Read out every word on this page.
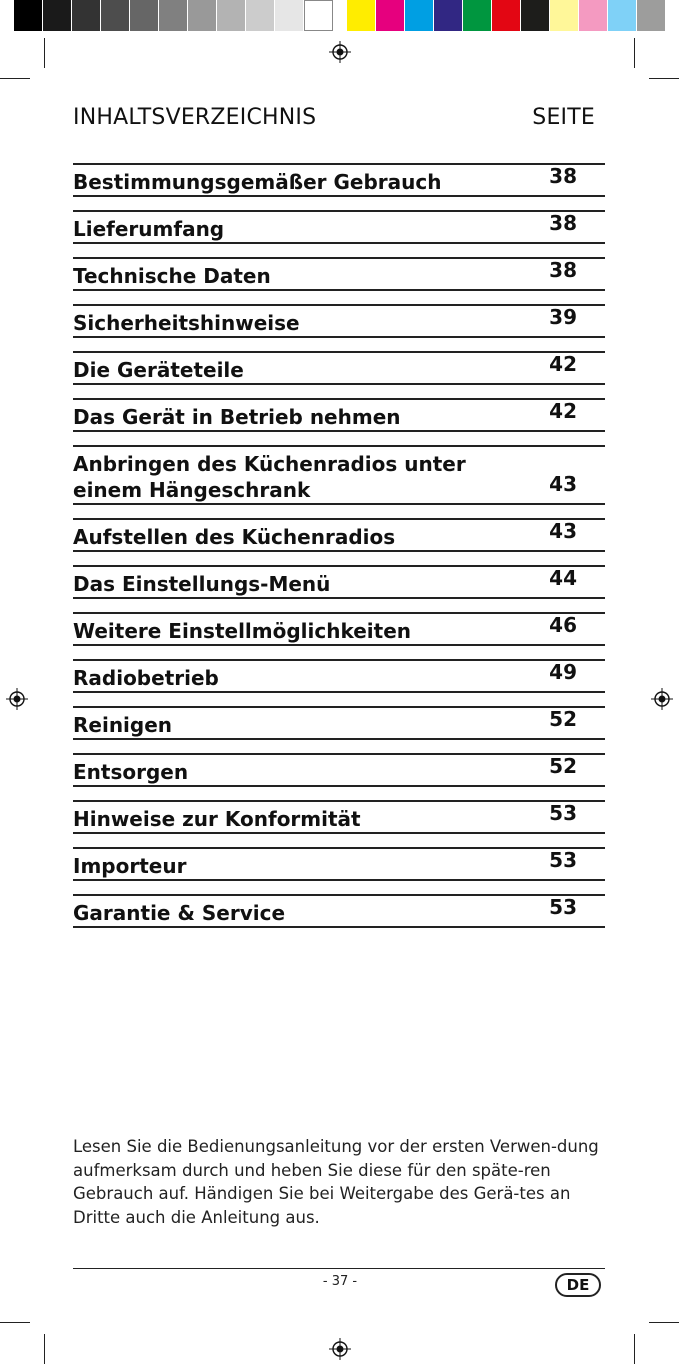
INHALTSVERZEICHNIS	SEITE
Bestimmungsgemäßer Gebrauch	38
Lieferumfang	38
Technische Daten	38
Sicherheitshinweise	39
Die Geräteteile	42
Das Gerät in Betrieb nehmen	42
Anbringen des Küchenradios unter einem Hängeschrank	43
Aufstellen des Küchenradios	43
Das Einstellungs-Menü	44
Weitere Einstellmöglichkeiten	46
Radiobetrieb	49
Reinigen	52
Entsorgen	52
Hinweise zur Konformität	53
Importeur	53
Garantie & Service	53
Lesen Sie die Bedienungsanleitung vor der ersten Verwen-dung aufmerksam durch und heben Sie diese für den späte-ren Gebrauch auf. Händigen Sie bei Weitergabe des Gerä-tes an Dritte auch die Anleitung aus.
- 37 -	DE
